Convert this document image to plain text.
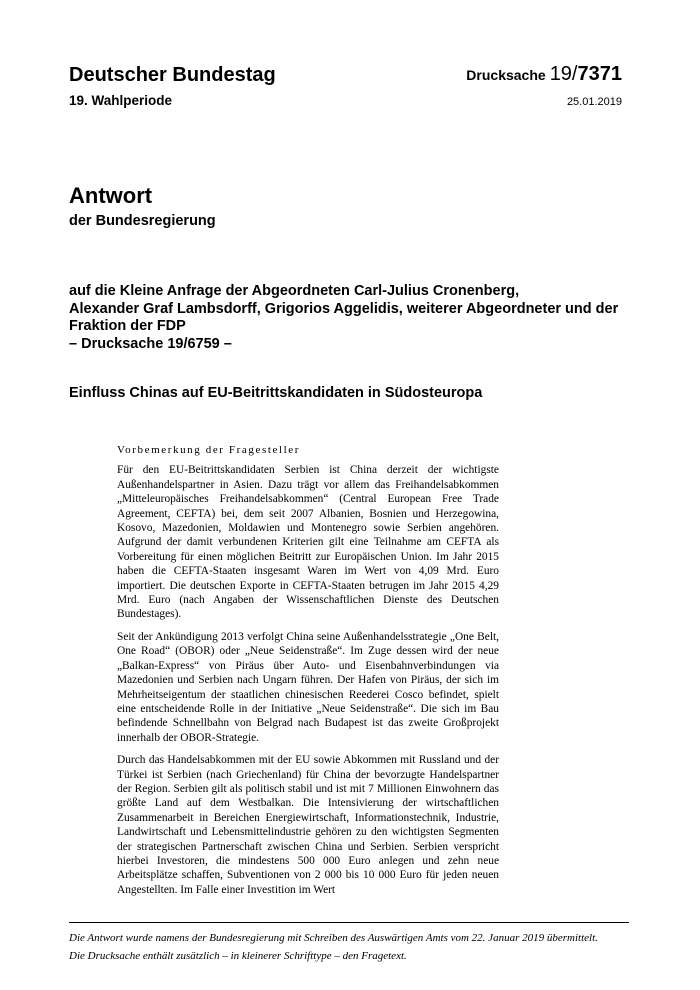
Deutscher Bundestag
19. Wahlperiode
Drucksache 19/7371
25.01.2019
Antwort
der Bundesregierung
auf die Kleine Anfrage der Abgeordneten Carl-Julius Cronenberg,
Alexander Graf Lambsdorff, Grigorios Aggelidis, weiterer Abgeordneter und der
Fraktion der FDP
– Drucksache 19/6759 –
Einfluss Chinas auf EU-Beitrittskandidaten in Südosteuropa
Vorbemerkung der Fragesteller

Für den EU-Beitrittskandidaten Serbien ist China derzeit der wichtigste Außenhandelspartner in Asien. Dazu trägt vor allem das Freihandelsabkommen „Mitteleuropäisches Freihandelsabkommen“ (Central European Free Trade Agreement, CEFTA) bei, dem seit 2007 Albanien, Bosnien und Herzegowina, Kosovo, Mazedonien, Moldawien und Montenegro sowie Serbien angehören. Aufgrund der damit verbundenen Kriterien gilt eine Teilnahme am CEFTA als Vorbereitung für einen möglichen Beitritt zur Europäischen Union. Im Jahr 2015 haben die CEFTA-Staaten insgesamt Waren im Wert von 4,09 Mrd. Euro importiert. Die deutschen Exporte in CEFTA-Staaten betrugen im Jahr 2015 4,29 Mrd. Euro (nach Angaben der Wissenschaftlichen Dienste des Deutschen Bundestages).

Seit der Ankündigung 2013 verfolgt China seine Außenhandelsstrategie „One Belt, One Road“ (OBOR) oder „Neue Seidenstraße“. Im Zuge dessen wird der neue „Balkan-Express“ von Piräus über Auto- und Eisenbahnverbindungen via Mazedonien und Serbien nach Ungarn führen. Der Hafen von Piräus, der sich im Mehrheitseigentum der staatlichen chinesischen Reederei Cosco befindet, spielt eine entscheidende Rolle in der Initiative „Neue Seidenstraße“. Die sich im Bau befindende Schnellbahn von Belgrad nach Budapest ist das zweite Großprojekt innerhalb der OBOR-Strategie.

Durch das Handelsabkommen mit der EU sowie Abkommen mit Russland und der Türkei ist Serbien (nach Griechenland) für China der bevorzugte Handelspartner der Region. Serbien gilt als politisch stabil und ist mit 7 Millionen Einwohnern das größte Land auf dem Westbalkan. Die Intensivierung der wirtschaftlichen Zusammenarbeit in Bereichen Energiewirtschaft, Informationstechnik, Industrie, Landwirtschaft und Lebensmittelindustrie gehören zu den wichtigsten Segmenten der strategischen Partnerschaft zwischen China und Serbien. Serbien verspricht hierbei Investoren, die mindestens 500 000 Euro anlegen und zehn neue Arbeitsplätze schaffen, Subventionen von 2 000 bis 10 000 Euro für jeden neuen Angestellten. Im Falle einer Investition im Wert

Die Antwort wurde namens der Bundesregierung mit Schreiben des Auswärtigen Amts vom 22. Januar 2019 übermittelt.
Die Drucksache enthält zusätzlich – in kleinerer Schrifttype – den Fragetext.
